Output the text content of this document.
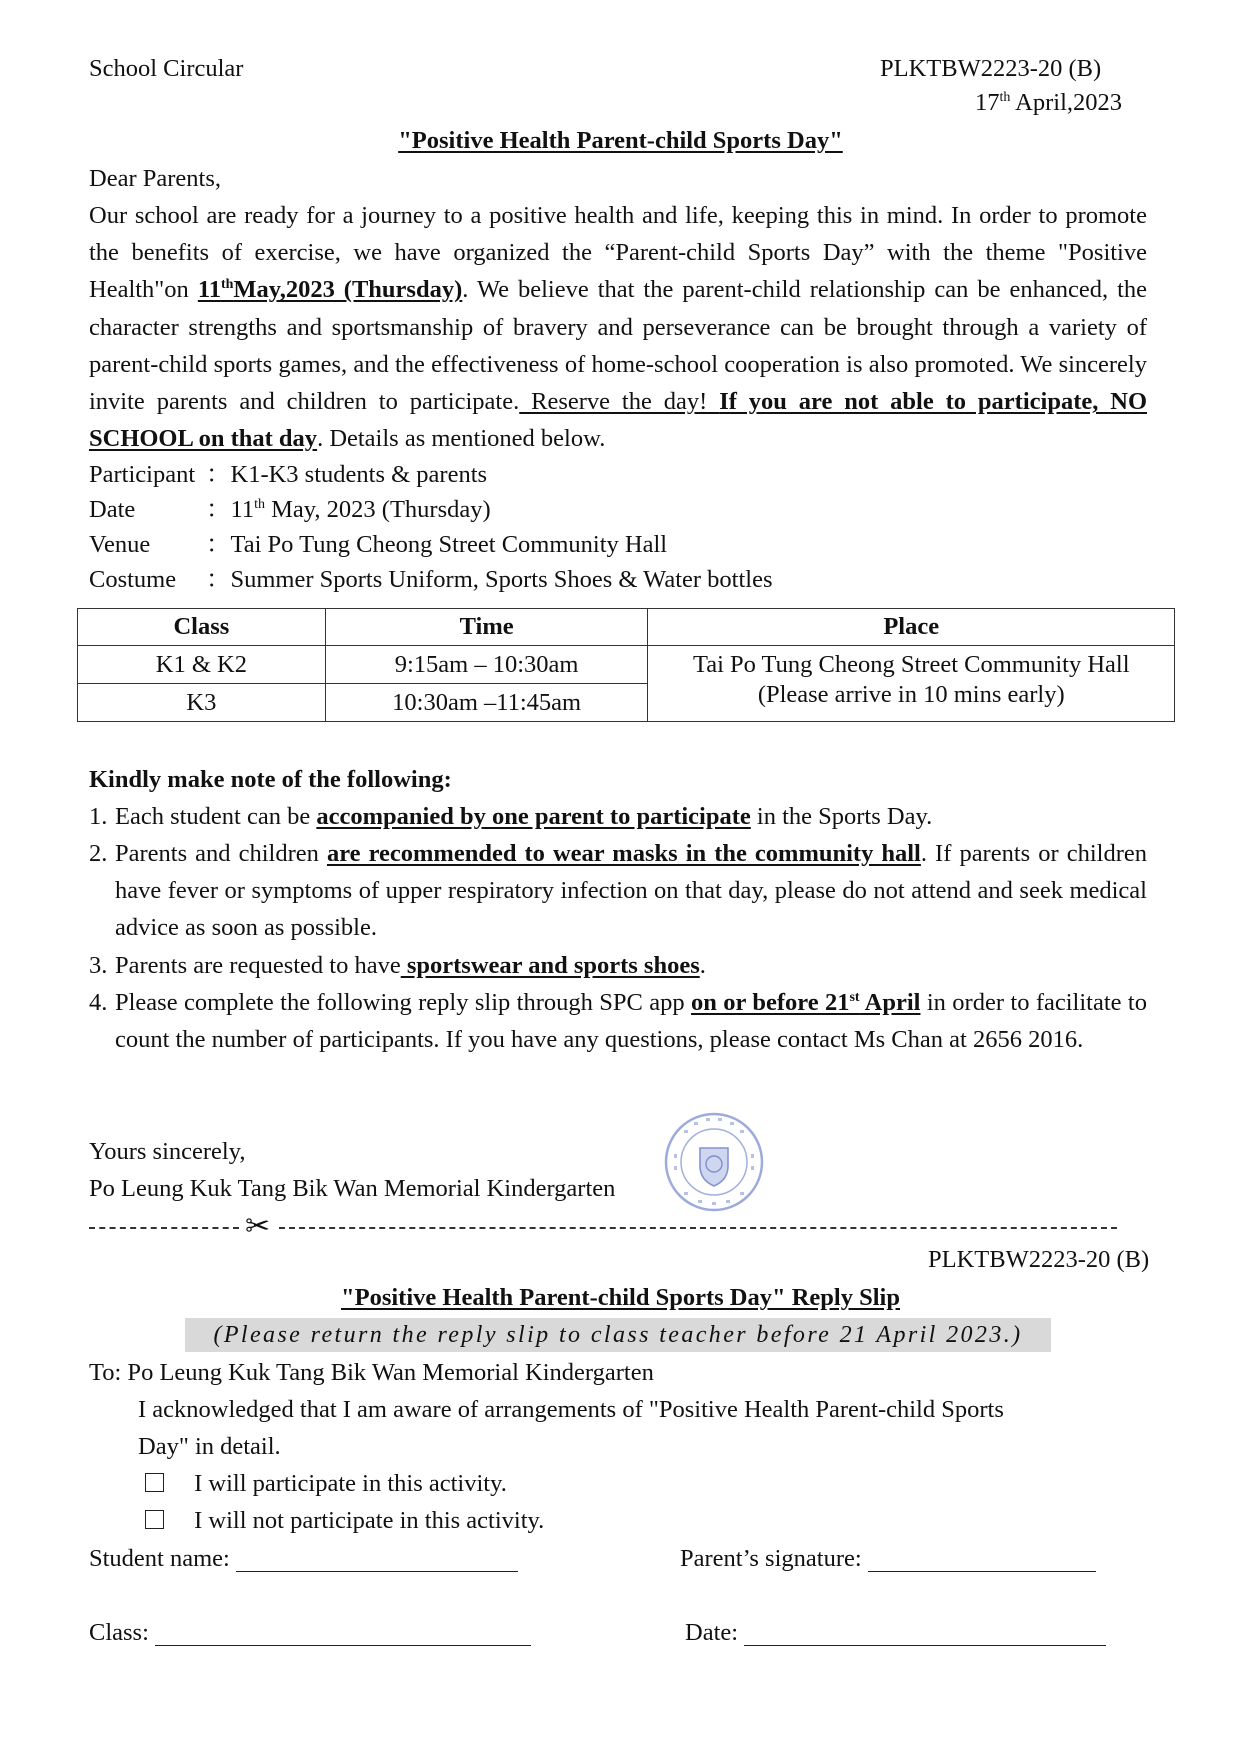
School Circular	PLKTBW2223-20 (B)
17th April,2023
"Positive Health Parent-child Sports Day"
Dear Parents,
Our school are ready for a journey to a positive health and life, keeping this in mind. In order to promote the benefits of exercise, we have organized the “Parent-child Sports Day” with the theme "Positive Health"on 11thMay,2023 (Thursday). We believe that the parent-child relationship can be enhanced, the character strengths and sportsmanship of bravery and perseverance can be brought through a variety of parent-child sports games, and the effectiveness of home-school cooperation is also promoted. We sincerely invite parents and children to participate. Reserve the day! If you are not able to participate, NO SCHOOL on that day. Details as mentioned below.
Participant ：K1-K3 students & parents
Date	：11th May, 2023 (Thursday)
Venue ：Tai Po Tung Cheong Street Community Hall
Costume ：Summer Sports Uniform, Sports Shoes & Water bottles
Class	Time	Place
K1 & K2	9:15am – 10:30am	Tai Po Tung Cheong Street Community Hall
(Please arrive in 10 mins early)
K3	10:30am –11:45am	
Kindly make note of the following:
1. Each student can be accompanied by one parent to participate in the Sports Day.
2. Parents and children are recommended to wear masks in the community hall. If parents or children have fever or symptoms of upper respiratory infection on that day, please do not attend and seek medical advice as soon as possible.
3. Parents are requested to have sportswear and sports shoes.
4. Please complete the following reply slip through SPC app on or before 21st April in order to facilitate to count the number of participants. If you have any questions, please contact Ms Chan at 2656 2016.
Yours sincerely,
Po Leung Kuk Tang Bik Wan Memorial Kindergarten
✂
PLKTBW2223-20 (B)
"Positive Health Parent-child Sports Day" Reply Slip
(Please return the reply slip to class teacher before 21 April 2023.)
To: Po Leung Kuk Tang Bik Wan Memorial Kindergarten
I acknowledged that I am aware of arrangements of "Positive Health Parent-child Sports
Day" in detail.
I will participate in this activity.
I will not participate in this activity.
Student name:	Parent’s signature:
Class:	Date:
